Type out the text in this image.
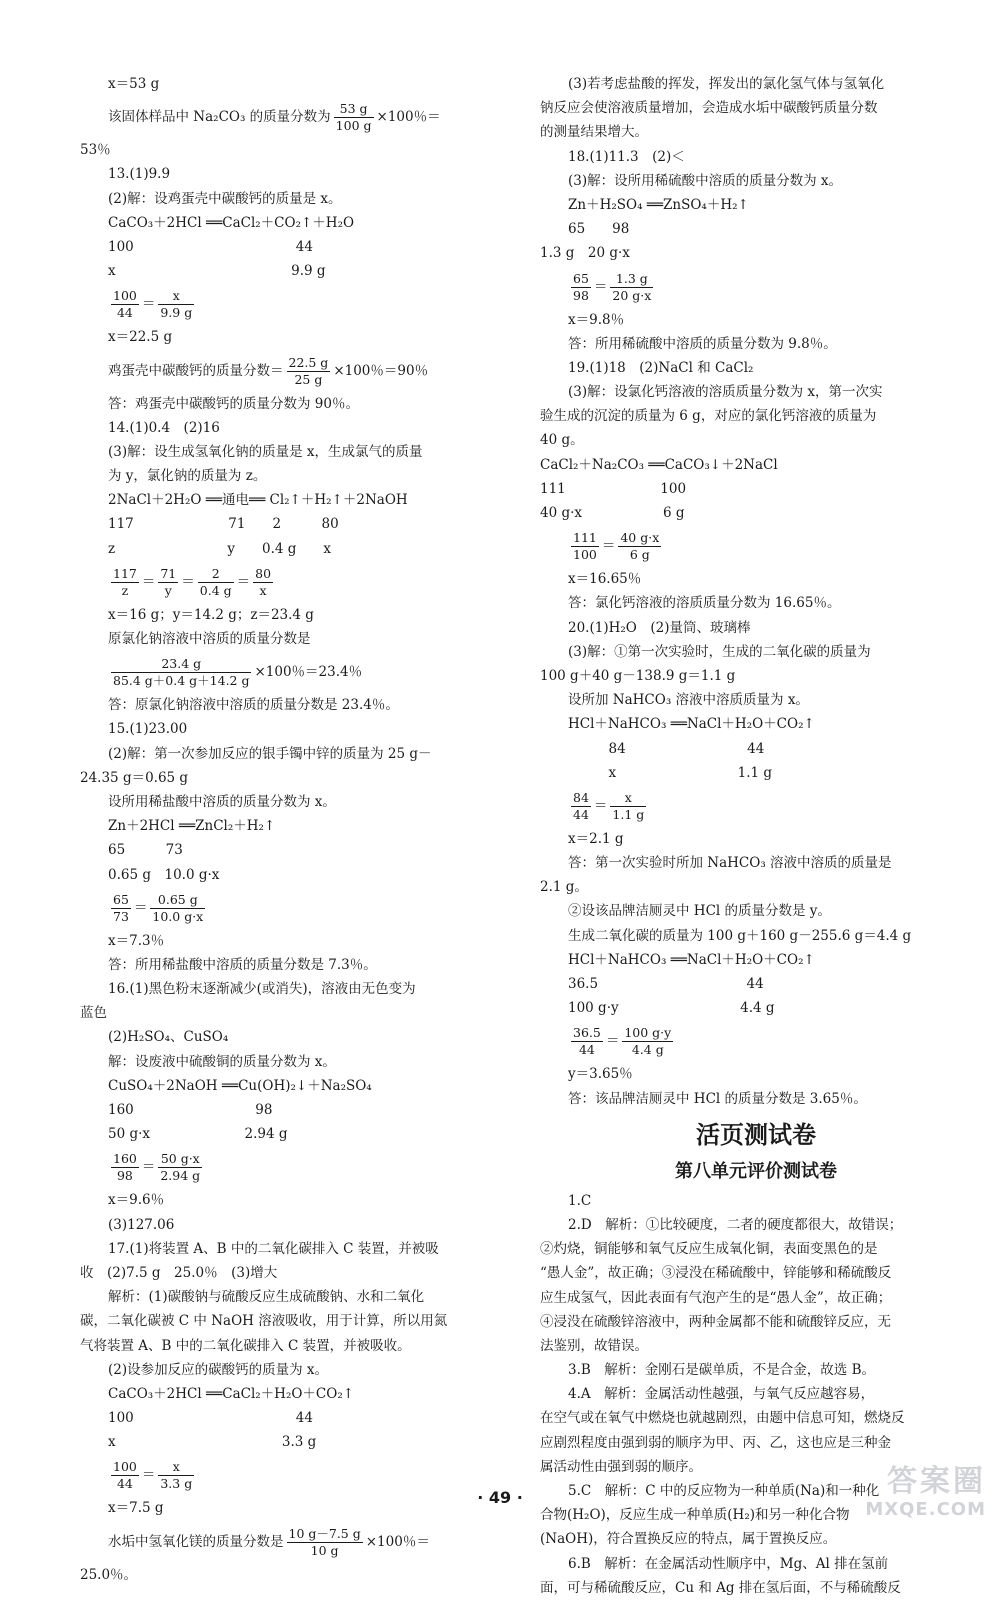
x＝53 g
该固体样品中 Na₂CO₃ 的质量分数为 $\frac{53 g}{100 g} \times 100$％＝
53％
13.(1)9.9
(2)解：设鸡蛋壳中碳酸钙的质量是 x。
CaCO₃＋2HCl ══CaCl₂＋CO₂↑＋H₂O
100　　　　　　　　　　　　44
x　　　　　　　　　　　　　9.9 g
$\frac{100}{44} = \frac{x}{9.9 g}$
x＝22.5 g
鸡蛋壳中碳酸钙的质量分数＝ $\frac{22.5 g}{25 g} \times 100$％＝90％
答：鸡蛋壳中碳酸钙的质量分数为 90％。
14.(1)0.4　(2)16
(3)解：设生成氢氧化钠的质量是 x，生成氯气的质量
为 y，氯化钠的质量为 z。
2NaCl＋2H₂O ══通电══ Cl₂↑＋H₂↑＋2NaOH
117　　　　　　　71　　2　　　80
z　　　　　　　　 y　　0.4 g　　x
$\frac{117}{z} = \frac{71}{y} = \frac{2}{0.4 g} = \frac{80}{x}$
x＝16 g；y＝14.2 g；z＝23.4 g
原氯化钠溶液中溶质的质量分数是
$\frac{23.4 g}{85.4 g+0.4 g+14.2 g} \times 100$％＝23.4％
答：原氯化钠溶液中溶质的质量分数是 23.4％。
15.(1)23.00
(2)解：第一次参加反应的银手镯中锌的质量为 25 g－
24.35 g＝0.65 g
设所用稀盐酸中溶质的质量分数为 x。
Zn＋2HCl ══ZnCl₂＋H₂↑
65　　　73
0.65 g　10.0 g·x
$\frac{65}{73} = \frac{0.65 g}{10.0 g\cdot x}$
x＝7.3％
答：所用稀盐酸中溶质的质量分数是 7.3％。
16.(1)黑色粉末逐渐减少(或消失)，溶液由无色变为
蓝色
(2)H₂SO₄、CuSO₄
解：设废液中硫酸铜的质量分数为 x。
CuSO₄＋2NaOH ══Cu(OH)₂↓＋Na₂SO₄
160　　　　　　　　　98
50 g·x　　　　　　　2.94 g
$\frac{160}{98} = \frac{50 g\cdot x}{2.94 g}$
x＝9.6％
(3)127.06
17.(1)将装置 A、B 中的二氧化碳排入 C 装置，并被吸
收　(2)7.5 g　25.0％　(3)增大
解析：(1)碳酸钠与硫酸反应生成硫酸钠、水和二氧化
碳，二氧化碳被 C 中 NaOH 溶液吸收，用于计算，所以用氮
气将装置 A、B 中的二氧化碳排入 C 装置，并被吸收。
(2)设参加反应的碳酸钙的质量为 x。
CaCO₃＋2HCl ══CaCl₂＋H₂O＋CO₂↑
100　　　　　　　　　　　　44
x　　　　　　　　　　　　 3.3 g
$\frac{100}{44} = \frac{x}{3.3 g}$
x＝7.5 g
水垢中氢氧化镁的质量分数是 $\frac{10 g-7.5 g}{10 g} \times 100$％＝
25.0％。
(3)若考虑盐酸的挥发，挥发出的氯化氢气体与氢氧化
钠反应会使溶液质量增加，会造成水垢中碳酸钙质量分数
的测量结果增大。
18.(1)11.3　(2)＜
(3)解：设所用稀硫酸中溶质的质量分数为 x。
Zn＋H₂SO₄ ══ZnSO₄＋H₂↑
65　　98
1.3 g　20 g·x
$\frac{65}{98} = \frac{1.3 g}{20 g\cdot x}$
x＝9.8％
答：所用稀硫酸中溶质的质量分数为 9.8％。
19.(1)18　(2)NaCl 和 CaCl₂
(3)解：设氯化钙溶液的溶质质量分数为 x，第一次实
验生成的沉淀的质量为 6 g，对应的氯化钙溶液的质量为
40 g。
CaCl₂＋Na₂CO₃ ══CaCO₃↓＋2NaCl
111　　　　　　　100
40 g·x　　　　　　6 g
$\frac{111}{100} = \frac{40 g\cdot x}{6 g}$
x＝16.65％
答：氯化钙溶液的溶质质量分数为 16.65％。
20.(1)H₂O　(2)量筒、玻璃棒
(3)解：①第一次实验时，生成的二氧化碳的质量为
100 g＋40 g－138.9 g＝1.1 g
设所加 NaHCO₃ 溶液中溶质质量为 x。
HCl＋NaHCO₃ ══NaCl＋H₂O＋CO₂↑
　　　84　　　　　　　　　44
　　　x　　　　　　　　　1.1 g
$\frac{84}{44} = \frac{x}{1.1 g}$
x＝2.1 g
答：第一次实验时所加 NaHCO₃ 溶液中溶质的质量是
2.1 g。
②设该品牌洁厕灵中 HCl 的质量分数是 y。
生成二氧化碳的质量为 100 g＋160 g－255.6 g＝4.4 g
HCl＋NaHCO₃ ══NaCl＋H₂O＋CO₂↑
36.5　　　　　　　　　　　44
100 g·y　　　　　　　　　4.4 g
$\frac{36.5}{44} = \frac{100 g\cdot y}{4.4 g}$
y＝3.65％
答：该品牌洁厕灵中 HCl 的质量分数是 3.65％。
活页测试卷
第八单元评价测试卷
1.C
2.D　解析：①比较硬度，二者的硬度都很大，故错误；
②灼烧，铜能够和氧气反应生成氧化铜，表面变黑色的是
“愚人金”，故正确；③浸没在稀硫酸中，锌能够和稀硫酸反
应生成氢气，因此表面有气泡产生的是“愚人金”，故正确；
④浸没在硫酸锌溶液中，两种金属都不能和硫酸锌反应，无
法鉴别，故错误。
3.B　解析：金刚石是碳单质，不是合金，故选 B。
4.A　解析：金属活动性越强，与氧气反应越容易，
在空气或在氧气中燃烧也就越剧烈，由题中信息可知，燃烧反
应剧烈程度由强到弱的顺序为甲、丙、乙，这也应是三种金
属活动性由强到弱的顺序。
5.C　解析：C 中的反应物为一种单质(Na)和一种化
合物(H₂O)，反应生成一种单质(H₂)和另一种化合物
(NaOH)，符合置换反应的特点，属于置换反应。
6.B　解析：在金属活动性顺序中，Mg、Al 排在氢前
面，可与稀硫酸反应，Cu 和 Ag 排在氢后面，不与稀硫酸反
· 49 ·	答案圈
MXQE.COM
